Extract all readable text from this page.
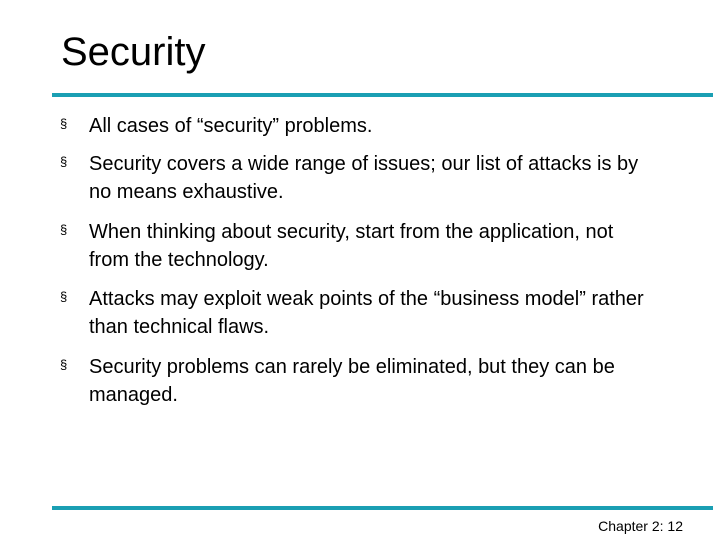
Security
§ All cases of “security” problems.
§ Security covers a wide range of issues; our list of attacks is by no means exhaustive.
§ When thinking about security, start from the application, not from the technology.
§ Attacks may exploit weak points of the “business model” rather than technical flaws.
§ Security problems can rarely be eliminated, but they can be managed.
Chapter 2: 12
